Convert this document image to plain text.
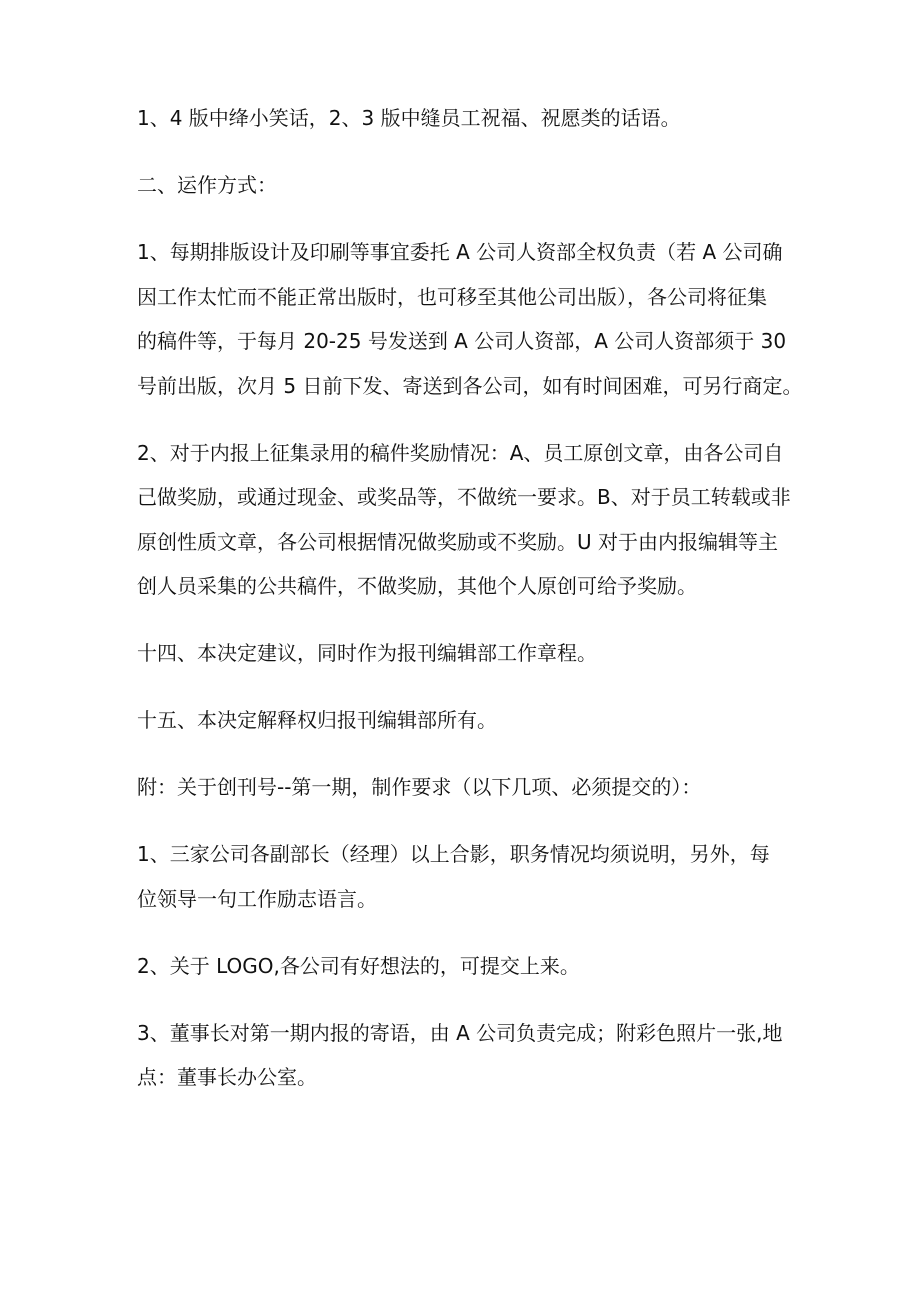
1、4 版中绛小笑话，2、3 版中缝员工祝福、祝愿类的话语。

二、运作方式：

1、每期排版设计及印刷等事宜委托 A 公司人资部全权负责（若 A 公司确
因工作太忙而不能正常出版时，也可移至其他公司出版），各公司将征集
的稿件等，于每月 20-25 号发送到 A 公司人资部，A 公司人资部须于 30
号前出版，次月 5 日前下发、寄送到各公司，如有时间困难，可另行商定。

2、对于内报上征集录用的稿件奖励情况：A、员工原创文章，由各公司自
己做奖励，或通过现金、或奖品等，不做统一要求。B、对于员工转载或非
原创性质文章，各公司根据情况做奖励或不奖励。U 对于由内报编辑等主
创人员采集的公共稿件，不做奖励，其他个人原创可给予奖励。

十四、本决定建议，同时作为报刊编辑部工作章程。

十五、本决定解释权归报刊编辑部所有。

附：关于创刊号--第一期，制作要求（以下几项、必须提交的）：

1、三家公司各副部长（经理）以上合影，职务情况均须说明，另外，每
位领导一句工作励志语言。

2、关于 LOGO,各公司有好想法的，可提交上来。

3、董事长对第一期内报的寄语，由 A 公司负责完成；附彩色照片一张,地
点：董事长办公室。
